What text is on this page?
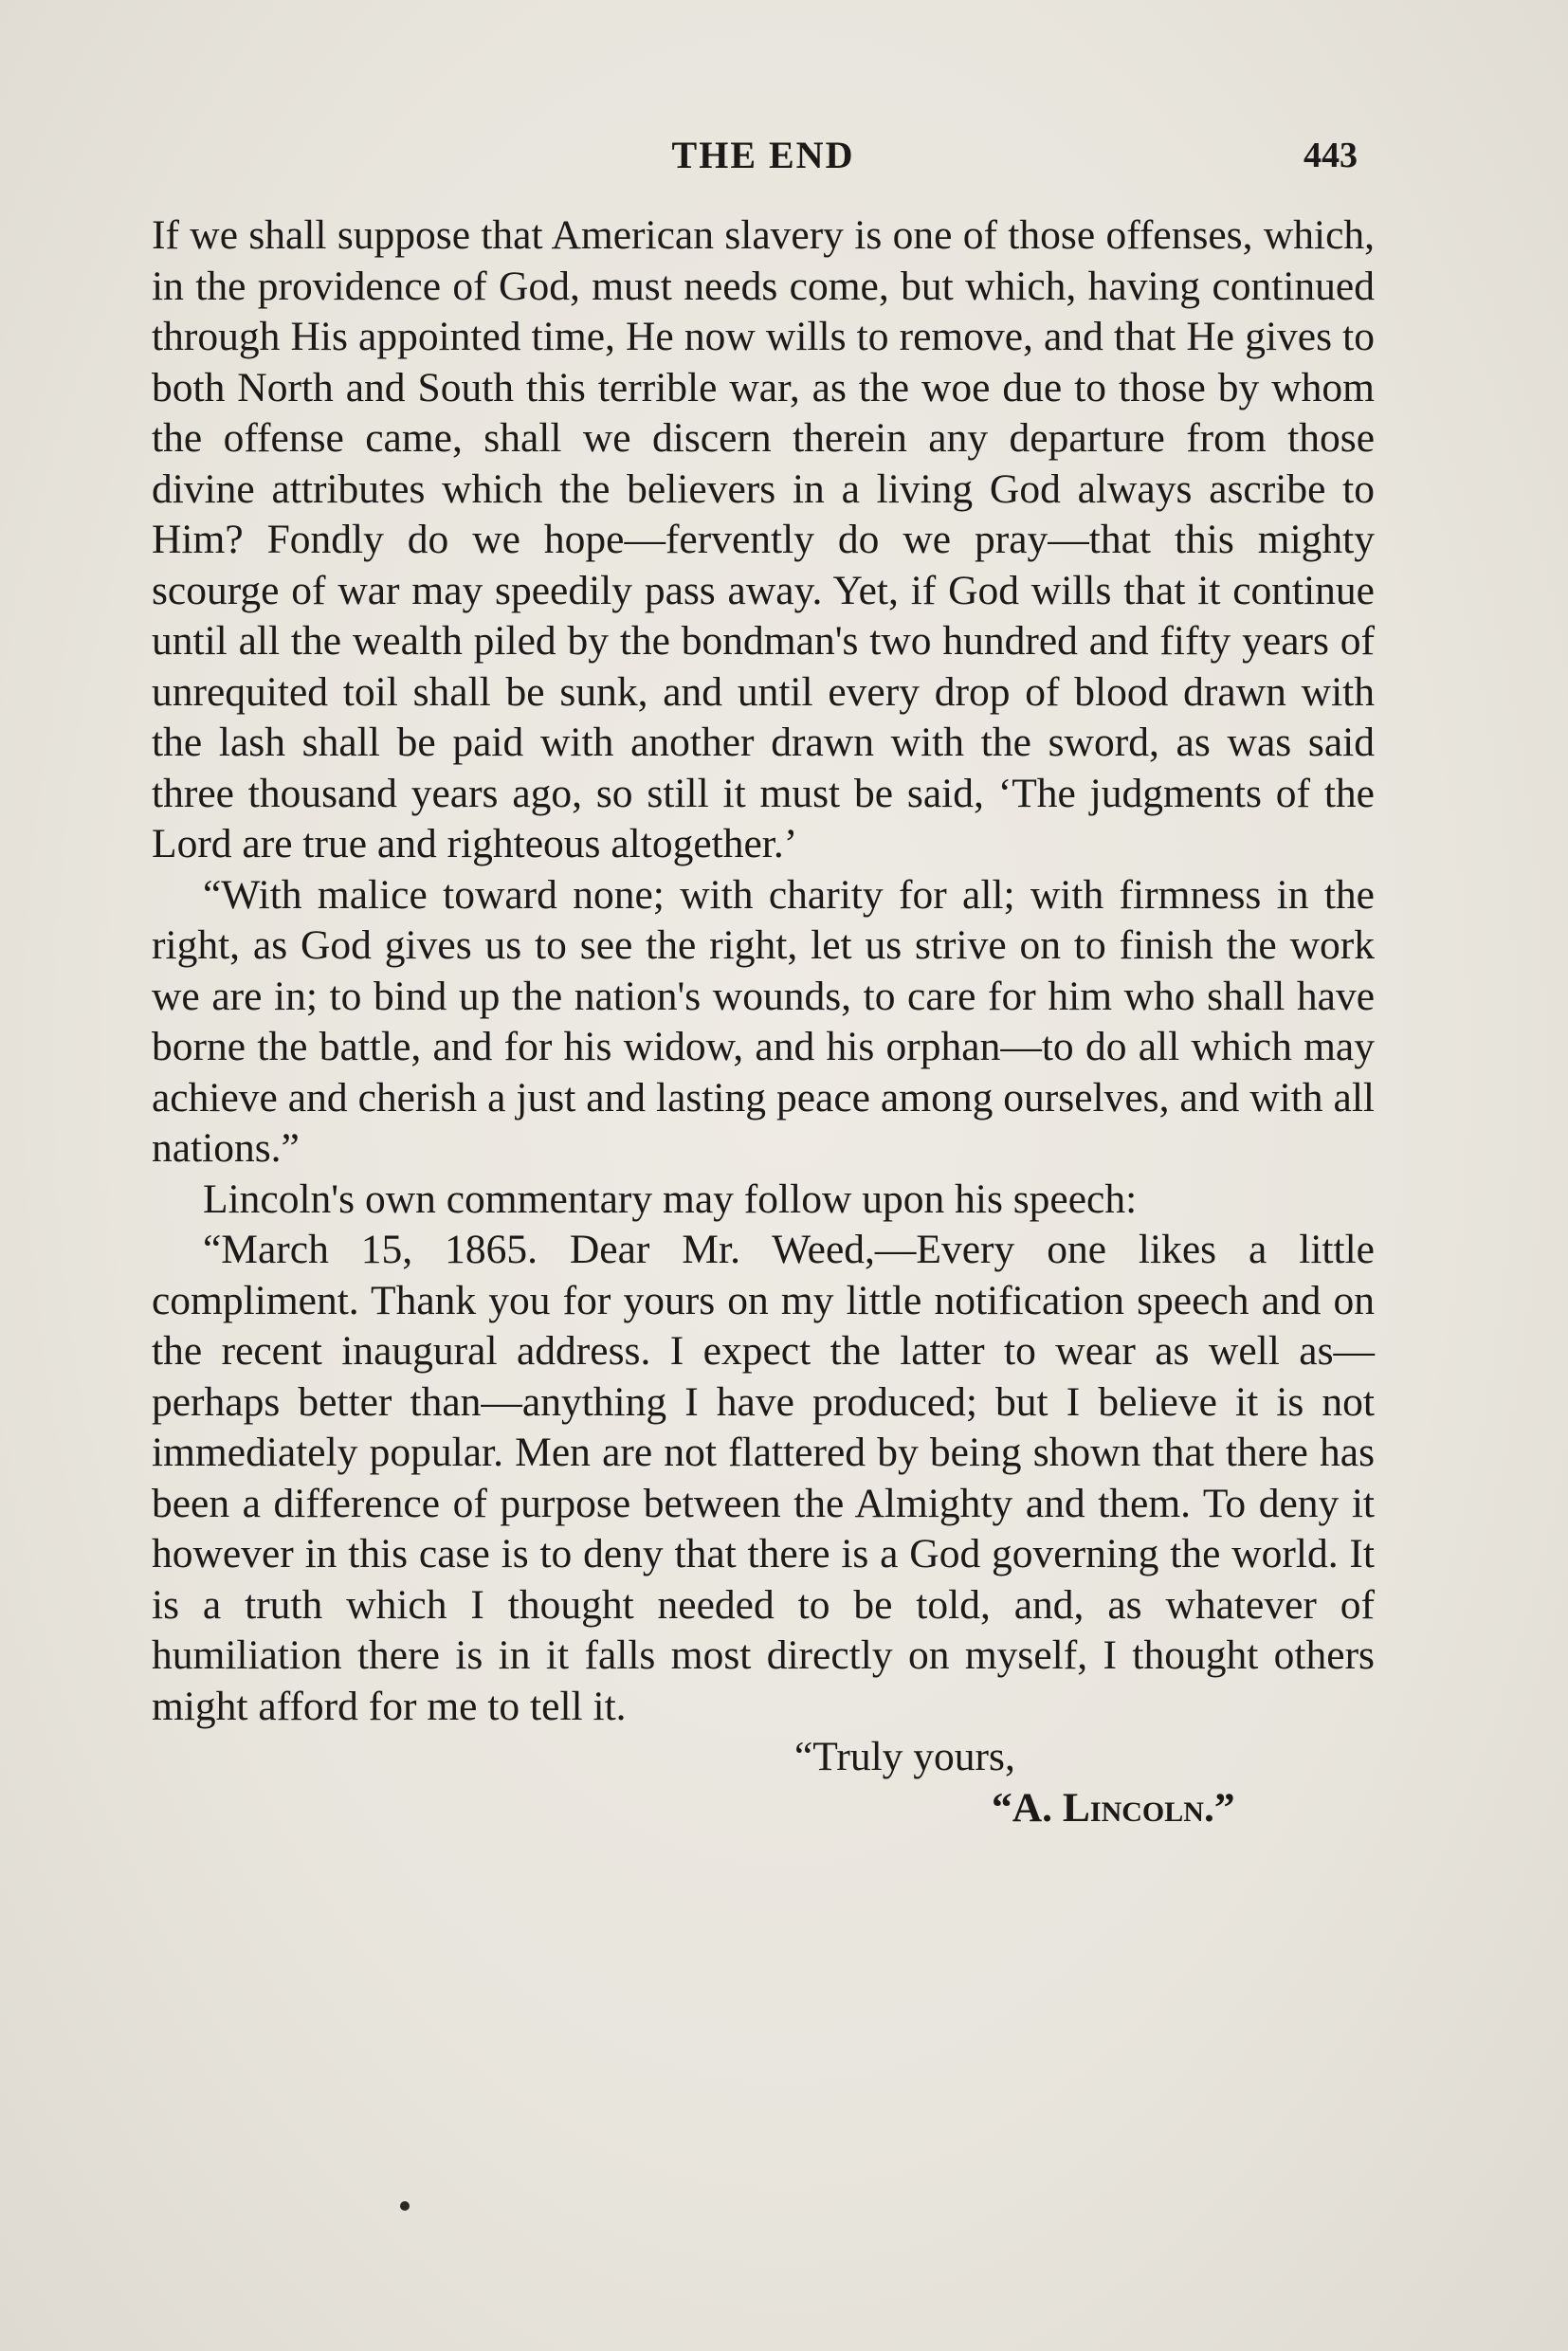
THE END	443

If we shall suppose that American slavery is one of those offenses, which, in the providence of God, must needs come, but which, having continued through His appointed time, He now wills to remove, and that He gives to both North and South this terrible war, as the woe due to those by whom the offense came, shall we discern therein any departure from those divine attributes which the believers in a living God always ascribe to Him? Fondly do we hope—fervently do we pray—that this mighty scourge of war may speedily pass away. Yet, if God wills that it continue until all the wealth piled by the bondman's two hundred and fifty years of unrequited toil shall be sunk, and until every drop of blood drawn with the lash shall be paid with another drawn with the sword, as was said three thousand years ago, so still it must be said, ‘The judgments of the Lord are true and righteous altogether.’

“With malice toward none; with charity for all; with firmness in the right, as God gives us to see the right, let us strive on to finish the work we are in; to bind up the nation's wounds, to care for him who shall have borne the battle, and for his widow, and his orphan—to do all which may achieve and cherish a just and lasting peace among ourselves, and with all nations.”

Lincoln's own commentary may follow upon his speech:

“March 15, 1865. Dear Mr. Weed,—Every one likes a little compliment. Thank you for yours on my little notification speech and on the recent inaugural address. I expect the latter to wear as well as—perhaps better than—anything I have produced; but I believe it is not immediately popular. Men are not flattered by being shown that there has been a difference of purpose between the Almighty and them. To deny it however in this case is to deny that there is a God governing the world. It is a truth which I thought needed to be told, and, as whatever of humiliation there is in it falls most directly on myself, I thought others might afford for me to tell it.

“Truly yours,

“A. Lincoln.”
